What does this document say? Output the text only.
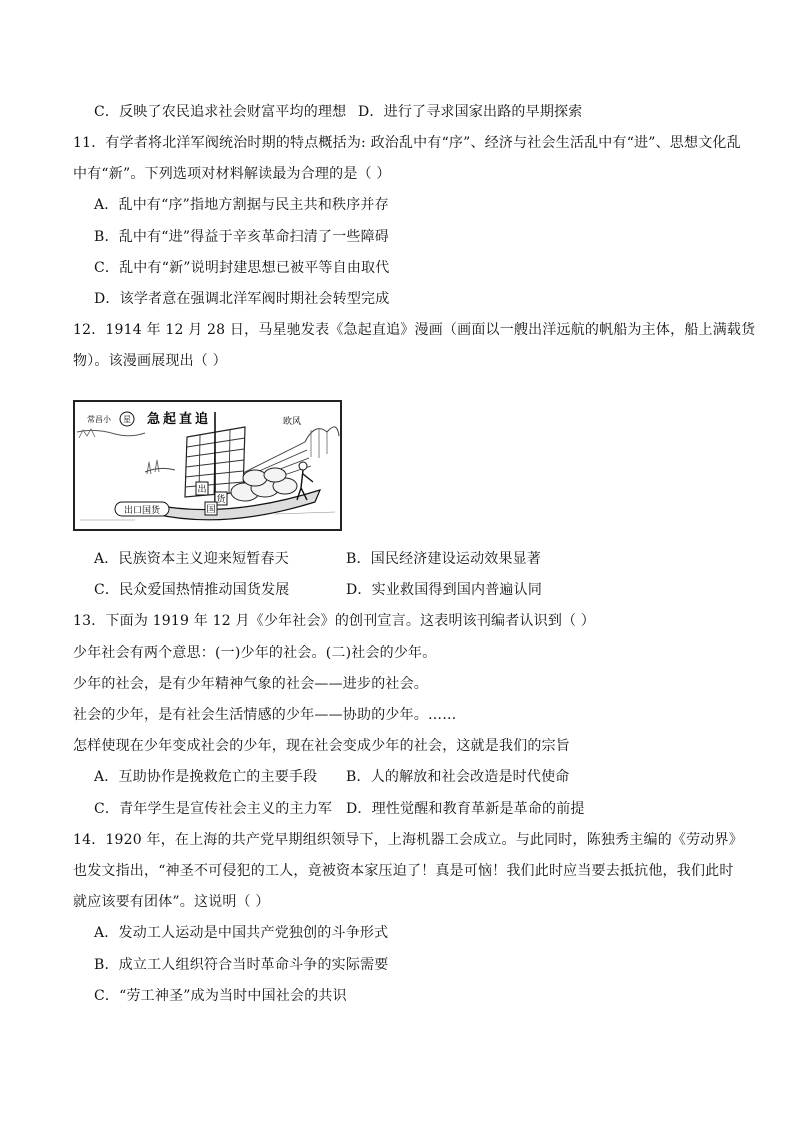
C．反映了农民追求社会财富平均的理想 D．进行了寻求国家出路的早期探索
11．有学者将北洋军阀统治时期的特点概括为: 政治乱中有“序”、经济与社会生活乱中有“进”、思想文化乱
中有“新”。下列选项对材料解读最为合理的是（ ）
A．乱中有“序”指地方割据与民主共和秩序并存
B．乱中有“进”得益于辛亥革命扫清了一些障碍
C．乱中有“新”说明封建思想已被平等自由取代
D．该学者意在强调北洋军阀时期社会转型完成
12．1914 年 12 月 28 日，马星驰发表《急起直追》漫画（画面以一艘出洋远航的帆船为主体，船上满载货
物）。该漫画展现出（ ）
出
货
国
出口国货
常昌小 星 急起直追	欧风
A．民族资本主义迎来短暂春天	B．国民经济建设运动效果显著
C．民众爱国热情推动国货发展	D．实业救国得到国内普遍认同
13．下面为 1919 年 12 月《少年社会》的创刊宣言。这表明该刊编者认识到（ ）
少年社会有两个意思：(一)少年的社会。(二)社会的少年。
少年的社会，是有少年精神气象的社会——进步的社会。
社会的少年，是有社会生活情感的少年——协助的少年。……
怎样使现在少年变成社会的少年，现在社会变成少年的社会，这就是我们的宗旨
A．互助协作是挽救危亡的主要手段 B．人的解放和社会改造是时代使命
C．青年学生是宣传社会主义的主力军 D．理性觉醒和教育革新是革命的前提
14．1920 年，在上海的共产党早期组织领导下，上海机器工会成立。与此同时，陈独秀主编的《劳动界》
也发文指出，“神圣不可侵犯的工人，竟被资本家压迫了！真是可恼！我们此时应当要去抵抗他，我们此时
就应该要有团体”。这说明（ ）
A．发动工人运动是中国共产党独创的斗争形式
B．成立工人组织符合当时革命斗争的实际需要
C．“劳工神圣”成为当时中国社会的共识
